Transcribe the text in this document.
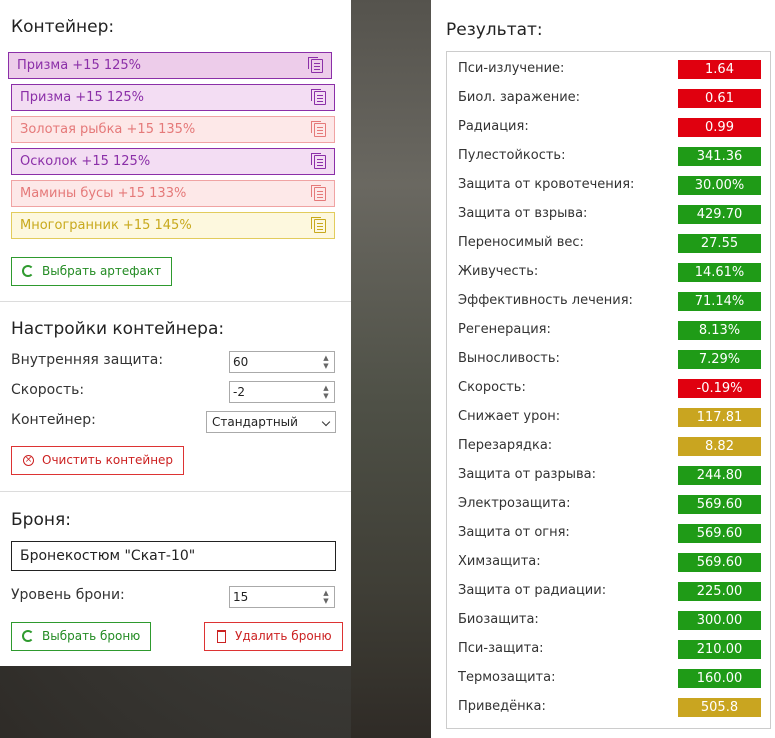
Контейнер:
Призма +15 125%
Призма +15 125%
Золотая рыбка +15 135%
Осколок +15 125%
Мамины бусы +15 133%
Многогранник +15 145%
Выбрать артефакт
Настройки контейнера:
Внутренняя защита:	60	▲
▼
Скорость:	-2	▲
▼
Контейнер:	Стандартный
× Очистить контейнер
Броня:
Бронекостюм "Скат-10"
Уровень брони:	15	▲
▼
Выбрать броню	Удалить броню
Результат:
Пси-излучение:	1.64
Биол. заражение:	0.61
Радиация:	0.99
Пулестойкость:	341.36
Защита от кровотечения:	30.00%
Защита от взрыва:	429.70
Переносимый вес:	27.55
Живучесть:	14.61%
Эффективность лечения:	71.14%
Регенерация:	8.13%
Выносливость:	7.29%
Скорость:	-0.19%
Снижает урон:	117.81
Перезарядка:	8.82
Защита от разрыва:	244.80
Электрозащита:	569.60
Защита от огня:	569.60
Химзащита:	569.60
Защита от радиации:	225.00
Биозащита:	300.00
Пси-защита:	210.00
Термозащита:	160.00
Приведёнка:	505.8
